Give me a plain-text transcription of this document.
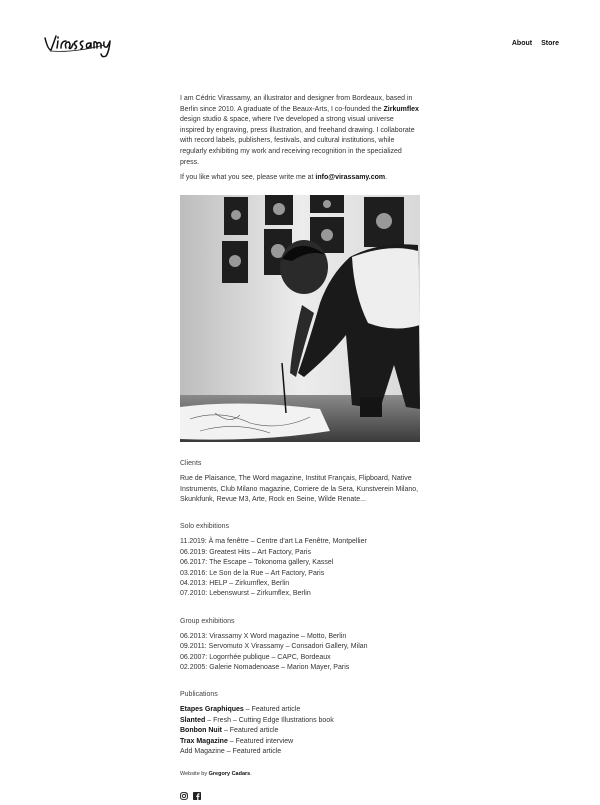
About Store

I am Cédric Virassamy, an illustrator and designer from Bordeaux, based in Berlin since 2010. A graduate of the Beaux-Arts, I co-founded the Zirkumflex design studio & space, where I've developed a strong visual universe inspired by engraving, press illustration, and freehand drawing. I collaborate with record labels, publishers, festivals, and cultural institutions, while regularly exhibiting my work and receiving recognition in the specialized press.

If you like what you see, please write me at info@virassamy.com.

Clients

Rue de Plaisance, The Word magazine, Institut Français, Flipboard, Native Instruments, Club Milano magazine, Corriere de la Sera, Kunstverein Milano, Skunkfunk, Revue M3, Arte, Rock en Seine, Wilde Renate...

Solo exhibitions
11.2019: À ma fenêtre – Centre d'art La Fenêtre, Montpellier
06.2019: Greatest Hits – Art Factory, Paris
06.2017: The Escape – Tokonoma gallery, Kassel
03.2016: Le Son de la Rue – Art Factory, Paris
04.2013: HELP – Zirkumflex, Berlin
07.2010: Lebenswurst – Zirkumflex, Berlin
Group exhibitions
06.2013: Virassamy X Word magazine – Motto, Berlin
09.2011: Servomuto X Virassamy – Consadori Gallery, Milan
06.2007: Logorrhée publique – CAPC, Bordeaux
02.2005: Galerie Nomadenoase – Marion Mayer, Paris
Publications
Etapes Graphiques – Featured article
Slanted – Fresh – Cutting Edge Illustrations book
Bonbon Nuit – Featured article
Trax Magazine – Featured interview
Add Magazine – Featured article
Website by Gregory Cadars.
